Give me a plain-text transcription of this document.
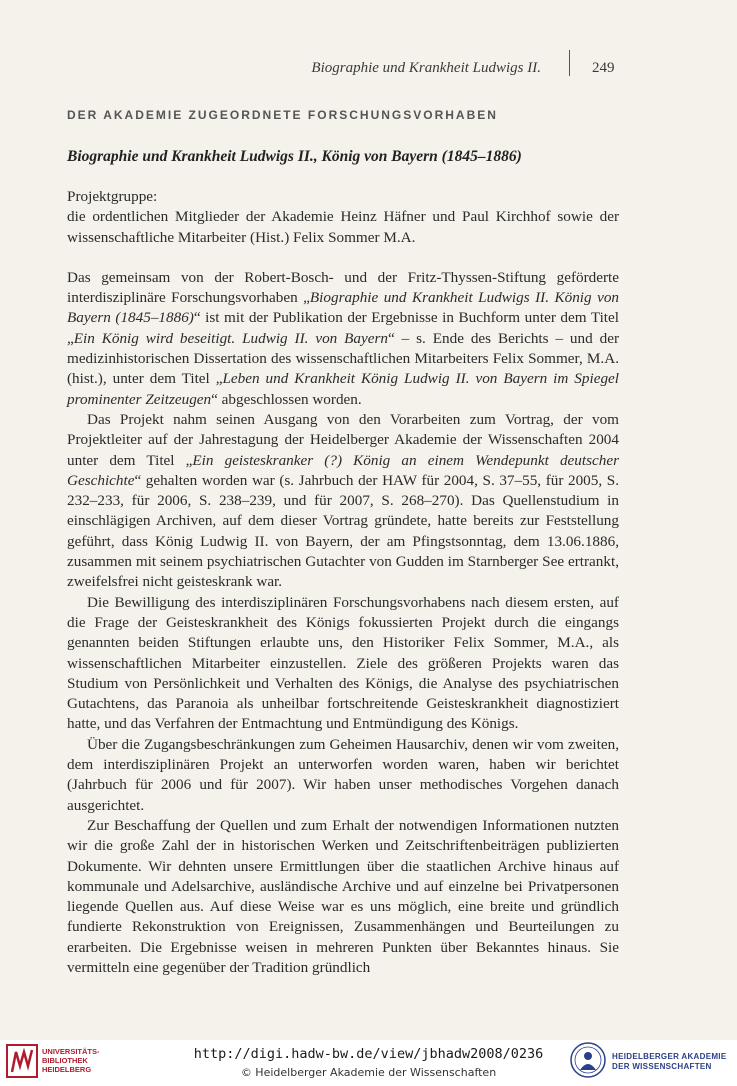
Biographie und Krankheit Ludwigs II.	249
DER AKADEMIE ZUGEORDNETE FORSCHUNGSVORHABEN
Biographie und Krankheit Ludwigs II., König von Bayern (1845–1886)

Projektgruppe:
die ordentlichen Mitglieder der Akademie Heinz Häfner und Paul Kirchhof sowie der wissenschaftliche Mitarbeiter (Hist.) Felix Sommer M.A.

Das gemeinsam von der Robert-Bosch- und der Fritz-Thyssen-Stiftung geförderte interdisziplinäre Forschungsvorhaben „Biographie und Krankheit Ludwigs II. König von Bayern (1845–1886)“ ist mit der Publikation der Ergebnisse in Buchform unter dem Titel „Ein König wird beseitigt. Ludwig II. von Bayern“ – s. Ende des Berichts – und der medizinhistorischen Dissertation des wissenschaftlichen Mitarbeiters Felix Sommer, M.A. (hist.), unter dem Titel „Leben und Krankheit König Ludwig II. von Bayern im Spiegel prominenter Zeitzeugen“ abgeschlossen worden.

Das Projekt nahm seinen Ausgang von den Vorarbeiten zum Vortrag, der vom Projektleiter auf der Jahrestagung der Heidelberger Akademie der Wissenschaften 2004 unter dem Titel „Ein geisteskranker (?) König an einem Wendepunkt deutscher Geschichte“ gehalten worden war (s. Jahrbuch der HAW für 2004, S. 37–55, für 2005, S. 232–233, für 2006, S. 238–239, und für 2007, S. 268–270). Das Quellenstudium in einschlägigen Archiven, auf dem dieser Vortrag gründete, hatte bereits zur Feststellung geführt, dass König Ludwig II. von Bayern, der am Pfingstsonntag, dem 13.06.1886, zusammen mit seinem psychiatrischen Gutachter von Gudden im Starnberger See ertrankt, zweifelsfrei nicht geisteskrank war.

Die Bewilligung des interdisziplinären Forschungsvorhabens nach diesem ersten, auf die Frage der Geisteskrankheit des Königs fokussierten Projekt durch die eingangs genannten beiden Stiftungen erlaubte uns, den Historiker Felix Sommer, M.A., als wissenschaftlichen Mitarbeiter einzustellen. Ziele des größeren Projekts waren das Studium von Persönlichkeit und Verhalten des Königs, die Analyse des psychiatrischen Gutachtens, das Paranoia als unheilbar fortschreitende Geisteskrankheit diagnostiziert hatte, und das Verfahren der Entmachtung und Entmündigung des Königs.

Über die Zugangsbeschränkungen zum Geheimen Hausarchiv, denen wir vom zweiten, dem interdisziplinären Projekt an unterworfen worden waren, haben wir berichtet (Jahrbuch für 2006 und für 2007). Wir haben unser methodisches Vorgehen danach ausgerichtet.

Zur Beschaffung der Quellen und zum Erhalt der notwendigen Informationen nutzten wir die große Zahl der in historischen Werken und Zeitschriftenbeiträgen publizierten Dokumente. Wir dehnten unsere Ermittlungen über die staatlichen Archive hinaus auf kommunale und Adelsarchive, ausländische Archive und auf einzelne bei Privatpersonen liegende Quellen aus. Auf diese Weise war es uns möglich, eine breite und gründlich fundierte Rekonstruktion von Ereignissen, Zusammenhängen und Beurteilungen zu erarbeiten. Die Ergebnisse weisen in mehreren Punkten über Bekanntes hinaus. Sie vermitteln eine gegenüber der Tradition gründlich

UNIVERSITÄTS-
BIBLIOTHEK
HEIDELBERG
http://digi.hadw-bw.de/view/jbhadw2008/0236
© Heidelberger Akademie der Wissenschaften
HEIDELBERGER AKADEMIE
DER WISSENSCHAFTEN
